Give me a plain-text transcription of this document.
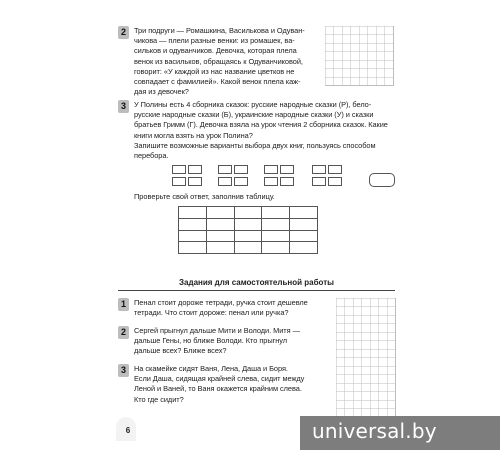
2	Три подруги — Ромашкина, Василькова и Одуван-
чикова — плели разные венки: из ромашек, ва-
сильков и одуванчиков. Девочка, которая плела
венок из васильков, обращаясь к Одуванчиковой,
говорит: «У каждой из нас название цветков не
совпадает с фамилией». Какой венок плела каж-
дая из девочек?
3	У Полины есть 4 сборника сказок: русские народные сказки (Р), бело-
русские народные сказки (Б), украинские народные сказки (У) и сказки
братьев Гримм (Г). Девочка взяла на урок чтения 2 сборника сказок. Какие
книги могла взять на урок Полина?
Запишите возможные варианты выбора двух книг, пользуясь способом
перебора.
Проверьте свой ответ, заполнив таблицу.

Задания для самостоятельной работы
1	Пенал стоит дороже тетради, ручка стоит дешевле
тетради. Что стоит дороже: пенал или ручка?
2	Сергей прыгнул дальше Мити и Володи. Митя —
дальше Гены, но ближе Володи. Кто прыгнул
дальше всех? Ближе всех?
3	На скамейке сидят Ваня, Лена, Даша и Боря.
Если Даша, сидящая крайней слева, сидит между
Леной и Ваней, то Ваня окажется крайним слева.
Кто где сидит?
6	universal.by
